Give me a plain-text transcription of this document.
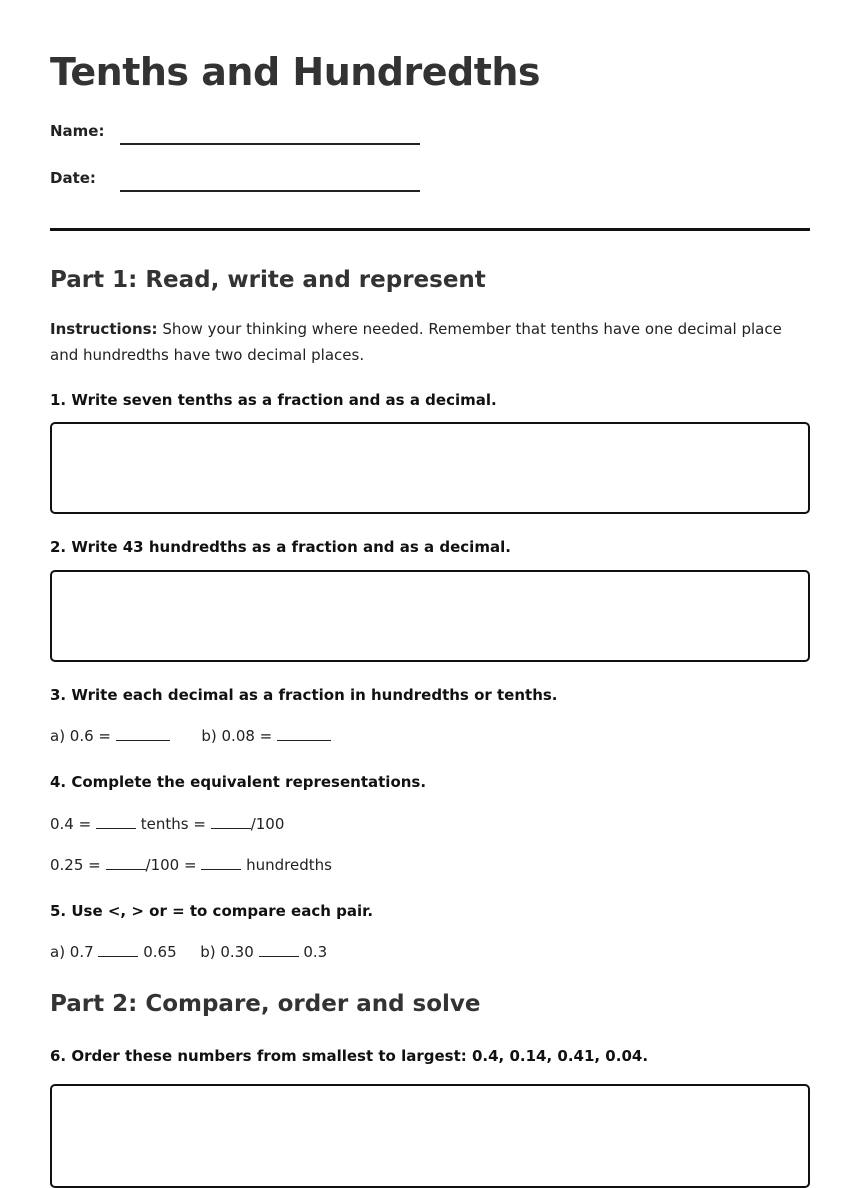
Tenths and Hundredths
Name:
Date:
Part 1: Read, write and represent
Instructions: Show your thinking where needed. Remember that tenths have one decimal place and hundredths have two decimal places.
1. Write seven tenths as a fraction and as a decimal.
2. Write 43 hundredths as a fraction and as a decimal.
3. Write each decimal as a fraction in hundredths or tenths.
a) 0.6 =	b) 0.08 =
4. Complete the equivalent representations.
0.4 =	tenths =	/100
0.25 =	/100 =	hundredths
5. Use <, > or = to compare each pair.
a) 0.7	0.65 b) 0.30	0.3
Part 2: Compare, order and solve
6. Order these numbers from smallest to largest: 0.4, 0.14, 0.41, 0.04.
